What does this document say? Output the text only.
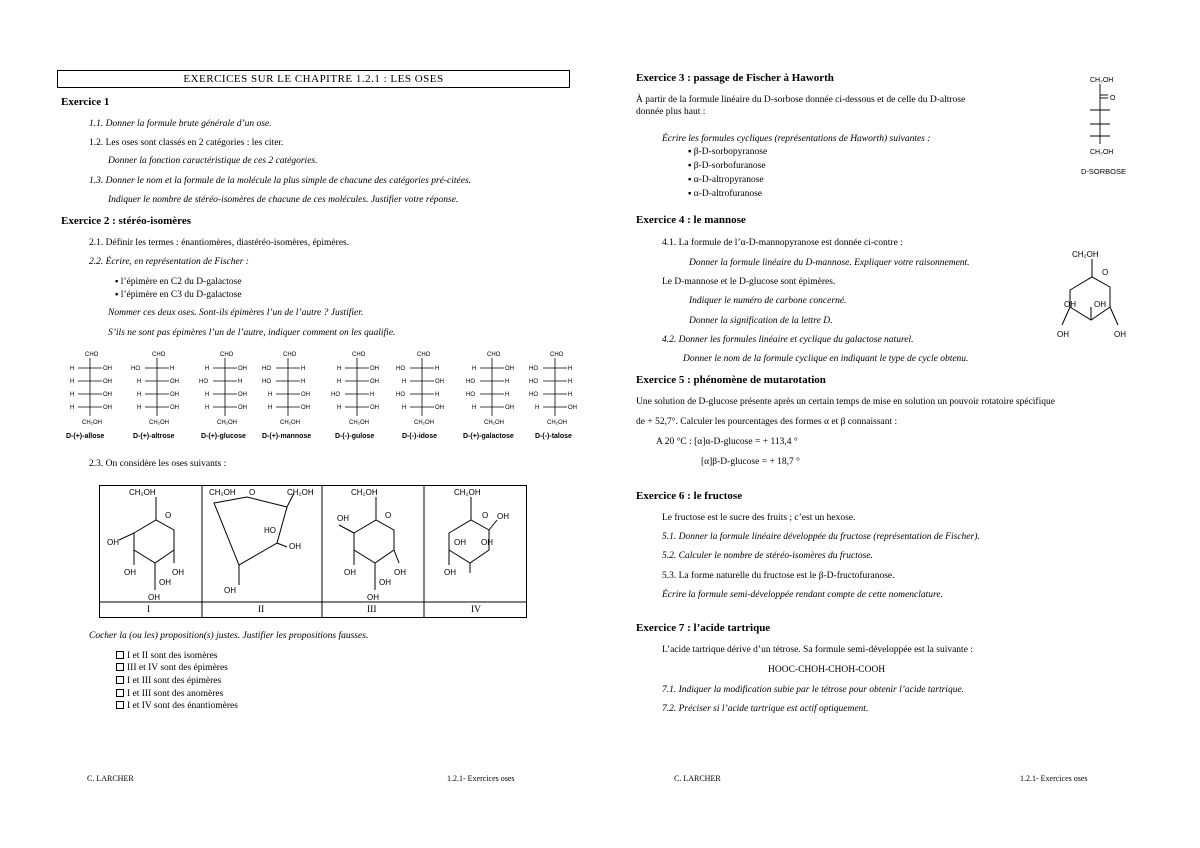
EXERCICES SUR LE CHAPITRE 1.2.1 : LES OSES
Exercice 1
1.1. Donner la formule brute générale d’un ose.
1.2. Les oses sont classés en 2 catégories : les citer.
Donner la fonction caractéristique de ces 2 catégories.
1.3. Donner le nom et la formule de la molécule la plus simple de chacune des catégories pré-citées.
Indiquer le nombre de stéréo-isomères de chacune de ces molécules. Justifier votre réponse.
Exercice 2 : stéréo-isomères
2.1. Définir les termes : énantiomères, diastéréo-isomères, épimères.
2.2. Écrire, en représentation de Fischer :
▪ l’épimère en C2 du D-galactose
▪ l’épimère en C3 du D-galactose
Nommer ces deux oses. Sont-ils épimères l’un de l’autre ? Justifier.
S’ils ne sont pas épimères l’un de l’autre, indiquer comment on les qualifie.
CHO
H	OH
H	OH
H	OH
H	OH
CH₂OH
CHO
HO	H
H	OH
H	OH
H	OH
CH₂OH
CHO
H	OH
HO	H
H	OH
H	OH
CH₂OH
CHO
HO	H
HO	H
H	OH
H	OH
CH₂OH
CHO
H	OH
H	OH
HO	H
H	OH
CH₂OH
CHO
HO	H
H	OH
HO	H
H	OH
CH₂OH
CHO
H	OH
HO	H
HO	H
H	OH
CH₂OH
CHO
HO	H
HO	H
HO	H
H	OH
CH₂OH
D-(+)-allose	D-(+)-altrose	D-(+)-glucose D-(+)-mannose	D-(-)-gulose	D-(-)-idose	D-(+)-galactose	D-(-)-talose
2.3. On considère les oses suivants :
CH₂OH
O
OH
OH	OH
OH
OH
CH₂OH O	CH₂OH
HO
OH
OH
CH₂OH
O
OH
OH	OH
OH
OH
CH₂OH
O OH
OH OH
OH
I	II	III	IV
Cocher la (ou les) proposition(s) justes. Justifier les propositions fausses.
I et II sont des isomères
III et IV sont des épimères
I et III sont des épimères
I et III sont des anomères
I et IV sont des énantiomères
C. LARCHER	1.2.1- Exercices oses
Exercice 3 : passage de Fischer à Haworth
À partir de la formule linéaire du D-sorbose donnée ci-dessous et de celle du D-altrose
donnée plus haut :
Écrire les formules cycliques (représentations de Haworth) suivantes :
▪ β-D-sorbopyranose
▪ β-D-sorbofuranose
▪ α-D-altropyranose
▪ α-D-altrofuranose
CH₂OH
O
CH₂OH
D-SORBOSE
Exercice 4 : le mannose
4.1. La formule de l’α-D-mannopyranose est donnée ci-contre :
Donner la formule linéaire du D-mannose. Expliquer votre raisonnement.
Le D-mannose et le D-glucose sont épimères.
Indiquer le numéro de carbone concerné.
Donner la signification de la lettre D.
4.2. Donner les formules linéaire et cyclique du galactose naturel.
Donner le nom de la formule cyclique en indiquant le type de cycle obtenu.
CH₂OH
O
OH OH
OH	OH
Exercice 5 : phénomène de mutarotation
Une solution de D-glucose présente après un certain temps de mise en solution un pouvoir rotatoire spécifique
de + 52,7°. Calculer les pourcentages des formes α et β connaissant :
A 20 °C : [α]α-D-glucose = + 113,4 °
[α]β-D-glucose = + 18,7 °
Exercice 6 : le fructose
Le fructose est le sucre des fruits ; c’est un hexose.
5.1. Donner la formule linéaire développée du fructose (représentation de Fischer).
5.2. Calculer le nombre de stéréo-isomères du fructose.
5.3. La forme naturelle du fructose est le β-D-fructofuranose.
Écrire la formule semi-développée rendant compte de cette nomenclature.
Exercice 7 : l’acide tartrique
L’acide tartrique dérive d’un tétrose. Sa formule semi-développée est la suivante :
HOOC-CHOH-CHOH-COOH
7.1. Indiquer la modification subie par le tétrose pour obtenir l’acide tartrique.
7.2. Préciser si l’acide tartrique est actif optiquement.
C. LARCHER	1.2.1- Exercices oses
